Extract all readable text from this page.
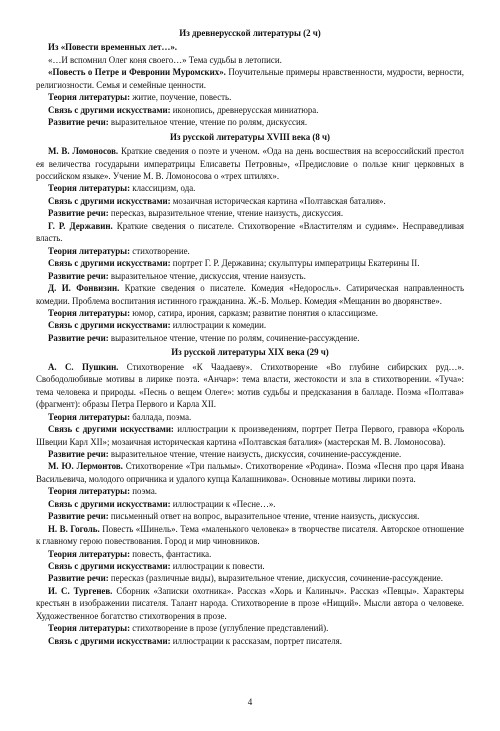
Из древнерусской литературы (2 ч)

Из «Повести временных лет…».

«…И вспомнил Олег коня своего…» Тема судьбы в летописи.

«Повесть о Петре и Февронии Муромских». Поучительные примеры нравственности, мудрости, верности, религиозности. Семья и семейные ценности.

Теория литературы: житие, поучение, повесть.

Связь с другими искусствами: иконопись, древнерусская миниатюра.

Развитие речи: выразительное чтение, чтение по ролям, дискуссия.

Из русской литературы XVIII века (8 ч)

М. В. Ломоносов. Краткие сведения о поэте и ученом. «Ода на день восшествия на всероссийский престол ея величества государыни императрицы Елисаветы Петровны», «Предисловие о пользе книг церковных в российском языке». Учение М. В. Ломоносова о «трех штилях».

Теория литературы: классицизм, ода.

Связь с другими искусствами: мозаичная историческая картина «Полтавская баталия».

Развитие речи: пересказ, выразительное чтение, чтение наизусть, дискуссия.

Г. Р. Державин. Краткие сведения о писателе. Стихотворение «Властителям и судиям». Несправедливая власть.

Теория литературы: стихотворение.

Связь с другими искусствами: портрет Г. Р. Державина; скульптуры императрицы Екатерины II.

Развитие речи: выразительное чтение, дискуссия, чтение наизусть.

Д. И. Фонвизин. Краткие сведения о писателе. Комедия «Недоросль». Сатирическая направленность комедии. Проблема воспитания истинного гражданина. Ж.-Б. Мольер. Комедия «Мещанин во дворянстве».

Теория литературы: юмор, сатира, ирония, сарказм; развитие понятия о классицизме.

Связь с другими искусствами: иллюстрации к комедии.

Развитие речи: выразительное чтение, чтение по ролям, сочинение-рассуждение.

Из русской литературы XIX века (29 ч)

А. С. Пушкин. Стихотворение «К Чаадаеву». Стихотворение «Во глубине сибирских руд…». Свободолюбивые мотивы в лирике поэта. «Анчар»: тема власти, жестокости и зла в стихотворении. «Туча»: тема человека и природы. «Песнь о вещем Олеге»: мотив судьбы и предсказания в балладе. Поэма «Полтава» (фрагмент): образы Петра Первого и Карла XII.

Теория литературы: баллада, поэма.

Связь с другими искусствами: иллюстрации к произведениям, портрет Петра Первого, гравюра «Король Швеции Карл XII»; мозаичная историческая картина «Полтавская баталия» (мастерская М. В. Ломоносова).

Развитие речи: выразительное чтение, чтение наизусть, дискуссия, сочинение-рассуждение.

М. Ю. Лермонтов. Стихотворение «Три пальмы». Стихотворение «Родина». Поэма «Песня про царя Ивана Васильевича, молодого опричника и удалого купца Калашникова». Основные мотивы лирики поэта.

Теория литературы: поэма.

Связь с другими искусствами: иллюстрации к «Песне…».

Развитие речи: письменный ответ на вопрос, выразительное чтение, чтение наизусть, дискуссия.

Н. В. Гоголь. Повесть «Шинель». Тема «маленького человека» в творчестве писателя. Авторское отношение к главному герою повествования. Город и мир чиновников.

Теория литературы: повесть, фантастика.

Связь с другими искусствами: иллюстрации к повести.

Развитие речи: пересказ (различные виды), выразительное чтение, дискуссия, сочинение-рассуждение.

И. С. Тургенев. Сборник «Записки охотника». Рассказ «Хорь и Калиныч». Рассказ «Певцы». Характеры крестьян в изображении писателя. Талант народа. Стихотворение в прозе «Нищий». Мысли автора о человеке. Художественное богатство стихотворения в прозе.

Теория литературы: стихотворение в прозе (углубление представлений).

Связь с другими искусствами: иллюстрации к рассказам, портрет писателя.

4
